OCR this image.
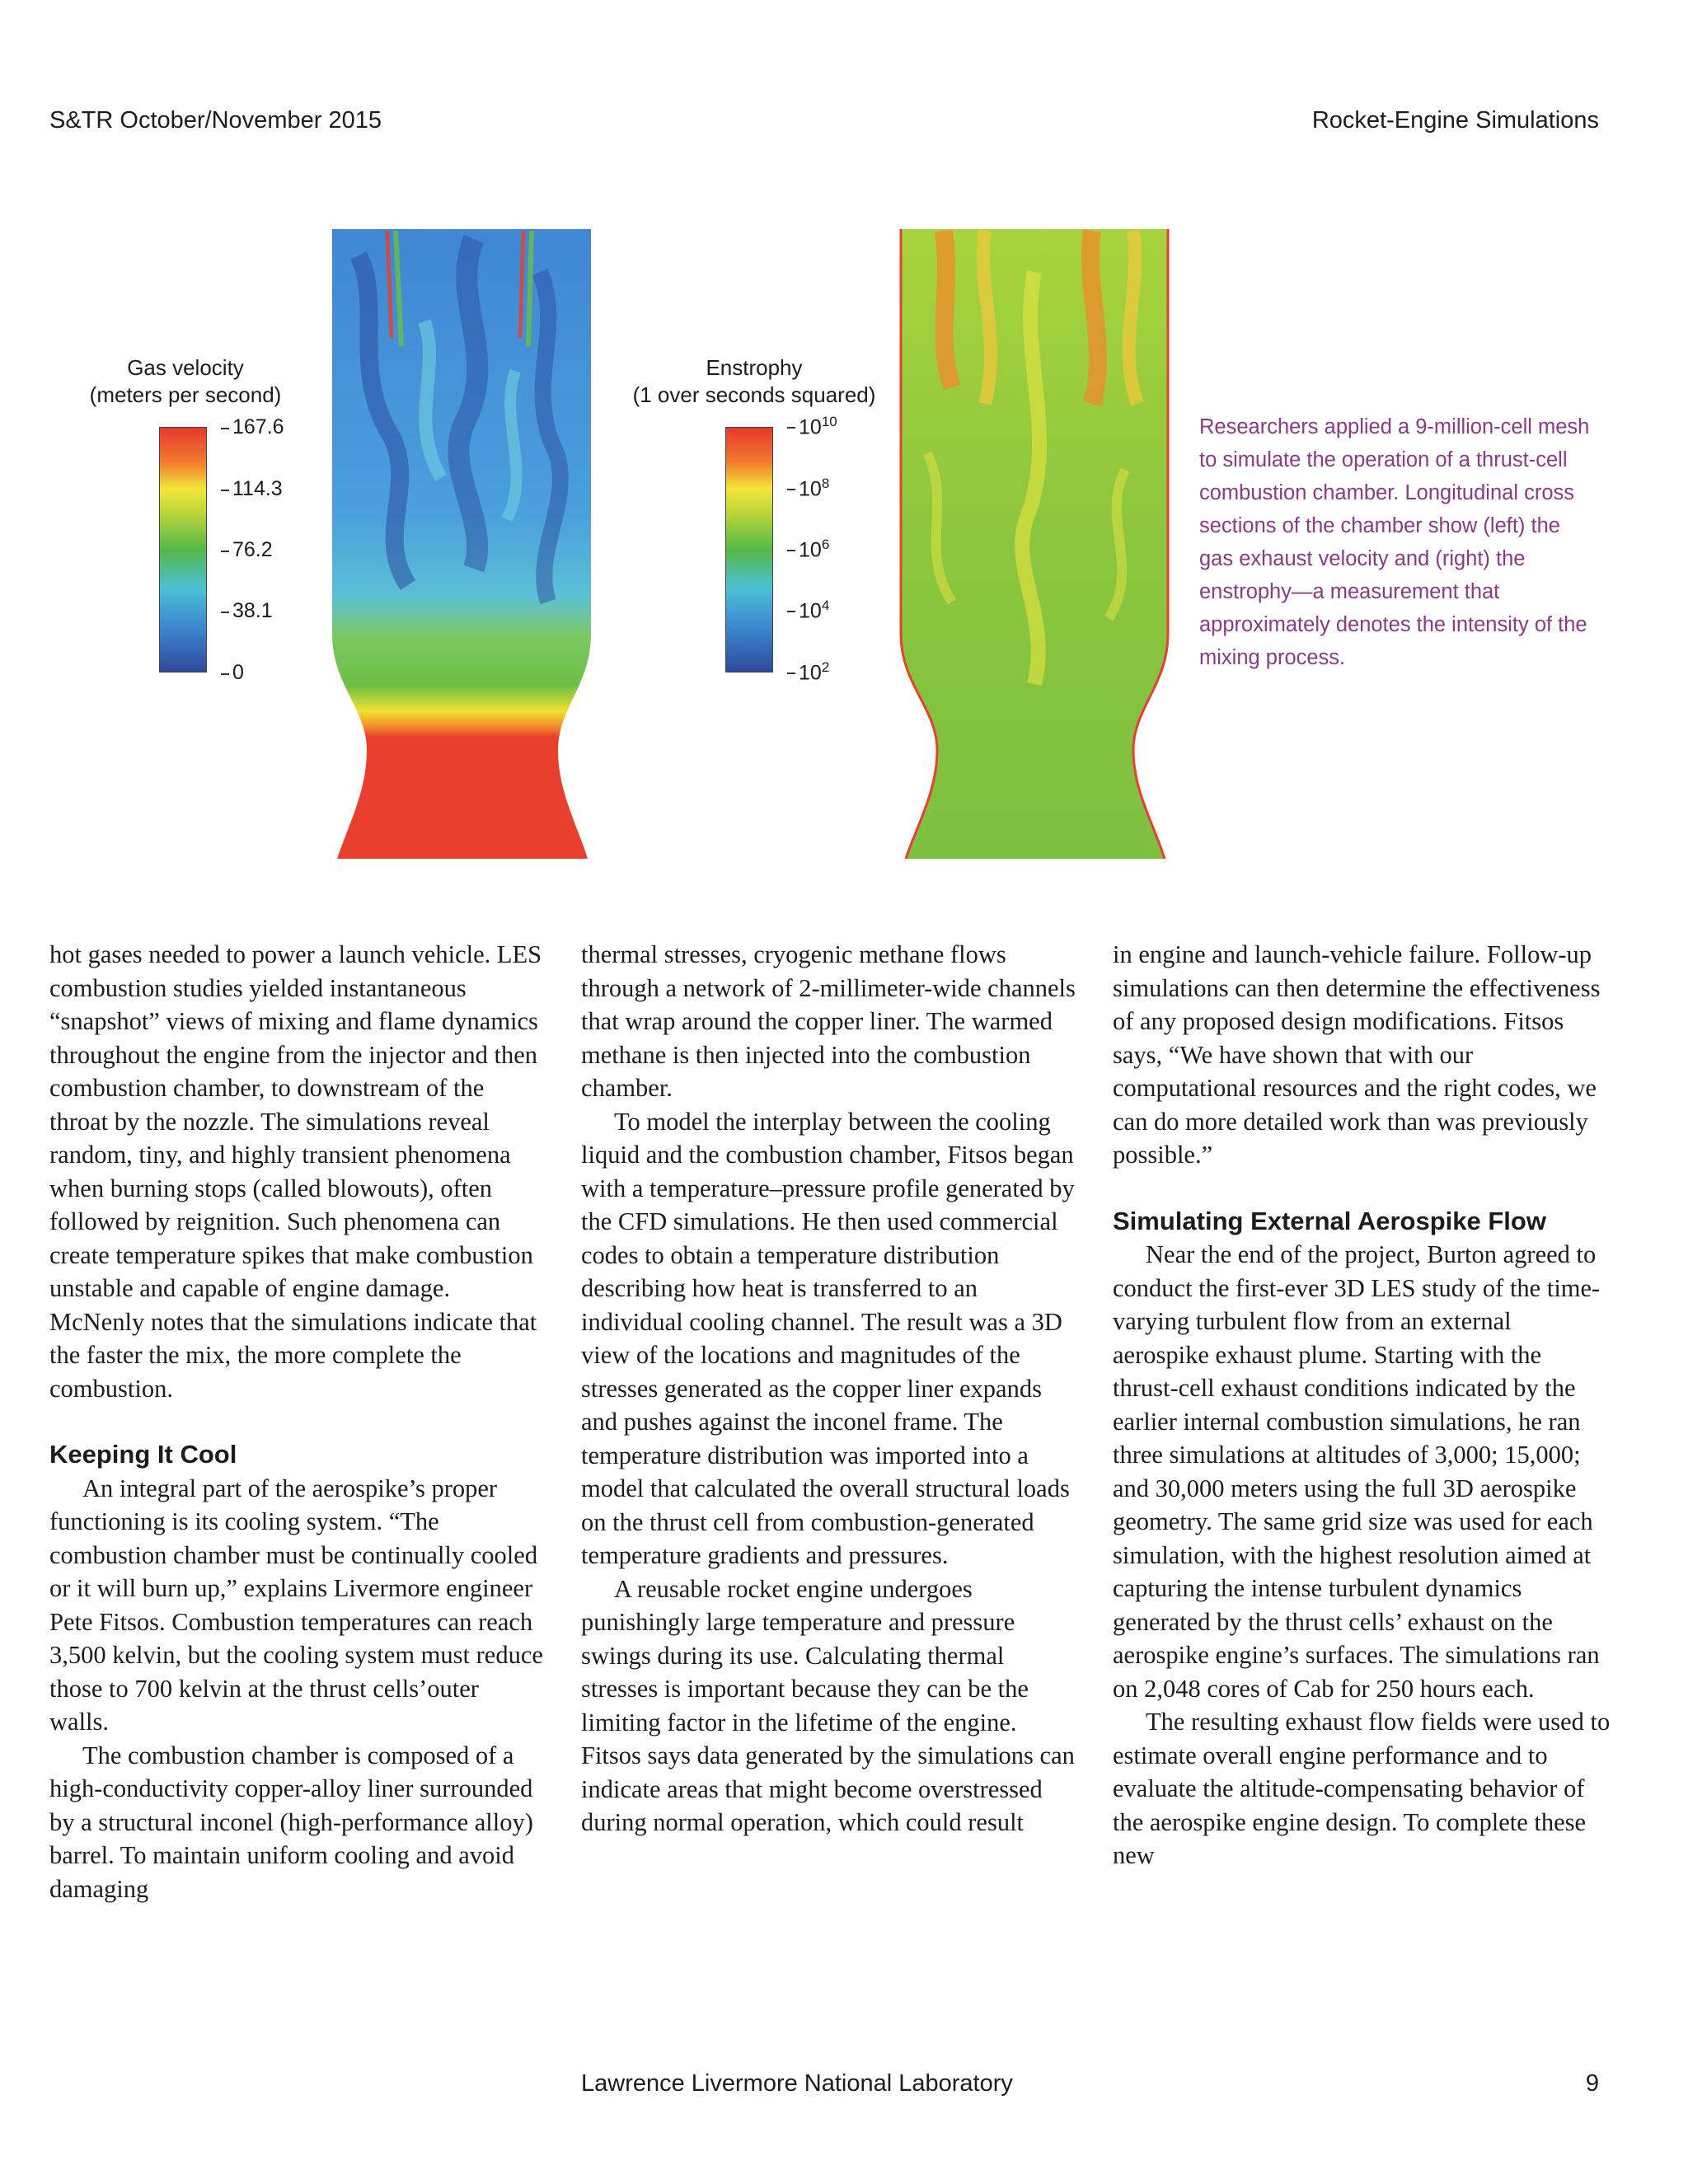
S&TR October/November 2015	Rocket-Engine Simulations
Gas velocity
(meters per second)
167.6
114.3
76.2
38.1
0
Enstrophy
(1 over seconds squared)
$10^{10}$
$10^8$
$10^6$
$10^4$
$10^2$
Researchers applied a 9-million-cell mesh to simulate the operation of a thrust-cell combustion chamber. Longitudinal cross sections of the chamber show (left) the gas exhaust velocity and (right) the enstrophy—a measurement that approximately denotes the intensity of the mixing process.

hot gases needed to power a launch vehicle. LES combustion studies yielded instantaneous “snapshot” views of mixing and flame dynamics throughout the engine from the injector and then combustion chamber, to downstream of the throat by the nozzle. The simulations reveal random, tiny, and highly transient phenomena when burning stops (called blowouts), often followed by reignition. Such phenomena can create temperature spikes that make combustion unstable and capable of engine damage. McNenly notes that the simulations indicate that the faster the mix, the more complete the combustion.

Keeping It Cool

An integral part of the aerospike’s proper functioning is its cooling system. “The combustion chamber must be continually cooled or it will burn up,” explains Livermore engineer Pete Fitsos. Combustion temperatures can reach 3,500 kelvin, but the cooling system must reduce those to 700 kelvin at the thrust cells’outer walls.

The combustion chamber is composed of a high-conductivity copper-alloy liner surrounded by a structural inconel (high-performance alloy) barrel. To maintain uniform cooling and avoid damaging

thermal stresses, cryogenic methane flows through a network of 2-millimeter-wide channels that wrap around the copper liner. The warmed methane is then injected into the combustion chamber.

To model the interplay between the cooling liquid and the combustion chamber, Fitsos began with a temperature–pressure profile generated by the CFD simulations. He then used commercial codes to obtain a temperature distribution describing how heat is transferred to an individual cooling channel. The result was a 3D view of the locations and magnitudes of the stresses generated as the copper liner expands and pushes against the inconel frame. The temperature distribution was imported into a model that calculated the overall structural loads on the thrust cell from combustion-generated temperature gradients and pressures.

A reusable rocket engine undergoes punishingly large temperature and pressure swings during its use. Calculating thermal stresses is important because they can be the limiting factor in the lifetime of the engine. Fitsos says data generated by the simulations can indicate areas that might become overstressed during normal operation, which could result

in engine and launch-vehicle failure. Follow-up simulations can then determine the effectiveness of any proposed design modifications. Fitsos says, “We have shown that with our computational resources and the right codes, we can do more detailed work than was previously possible.”

Simulating External Aerospike Flow

Near the end of the project, Burton agreed to conduct the first-ever 3D LES study of the time-varying turbulent flow from an external aerospike exhaust plume. Starting with the thrust-cell exhaust conditions indicated by the earlier internal combustion simulations, he ran three simulations at altitudes of 3,000; 15,000; and 30,000 meters using the full 3D aerospike geometry. The same grid size was used for each simulation, with the highest resolution aimed at capturing the intense turbulent dynamics generated by the thrust cells’ exhaust on the aerospike engine’s surfaces. The simulations ran on 2,048 cores of Cab for 250 hours each.

The resulting exhaust flow fields were used to estimate overall engine performance and to evaluate the altitude-compensating behavior of the aerospike engine design. To complete these new

Lawrence Livermore National Laboratory	9
